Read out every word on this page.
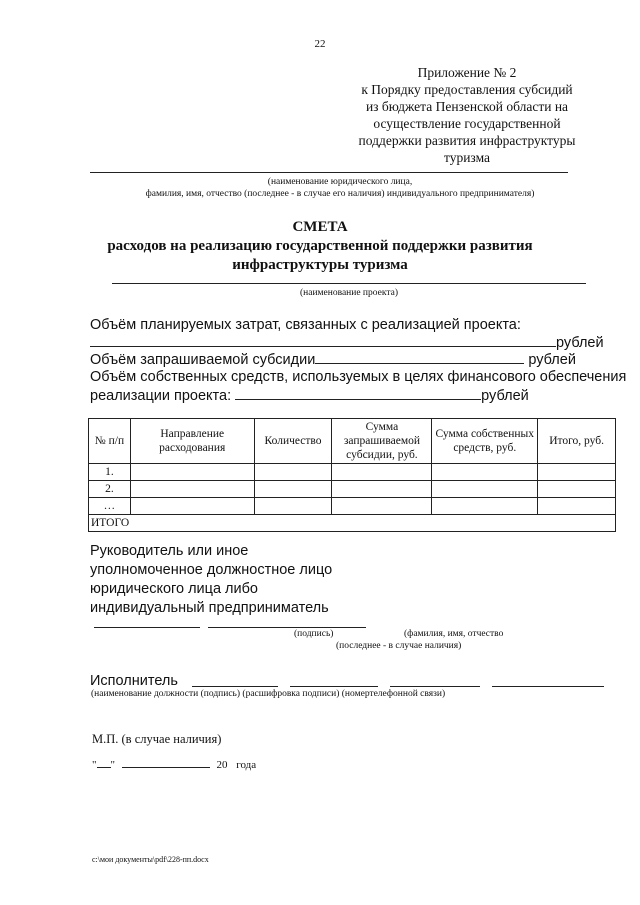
22
Приложение № 2
к Порядку предоставления субсидий
из бюджета Пензенской области на
осуществление государственной
поддержки развития инфраструктуры
туризма
(наименование юридического лица,
фамилия, имя, отчество (последнее - в случае его наличия) индивидуального предпринимателя)
СМЕТА
расходов на реализацию государственной поддержки развития
инфраструктуры туризма
(наименование проекта)
Объём планируемых затрат, связанных с реализацией проекта:
рублей
Объём запрашиваемой субсидии	рублей
Объём собственных средств, используемых в целях финансового обеспечения
реализации проекта:	рублей
№ п/п	Направление расходования	Количество	Сумма запрашиваемой субсидии, руб.	Сумма собственных средств, руб.	Итого, руб.
1.					
2.					
…					
ИТОГО					
Руководитель или иное
уполномоченное должностное лицо
юридического лица либо
индивидуальный предприниматель
(подпись)	(фамилия, имя, отчество
(последнее - в случае наличия)
Исполнитель
(наименование должности (подпись) (расшифровка подписи) (номертелефонной связи)
М.П. (в случае наличия)
" "	20 года
c:\мои документы\pdf\228-пп.docx
